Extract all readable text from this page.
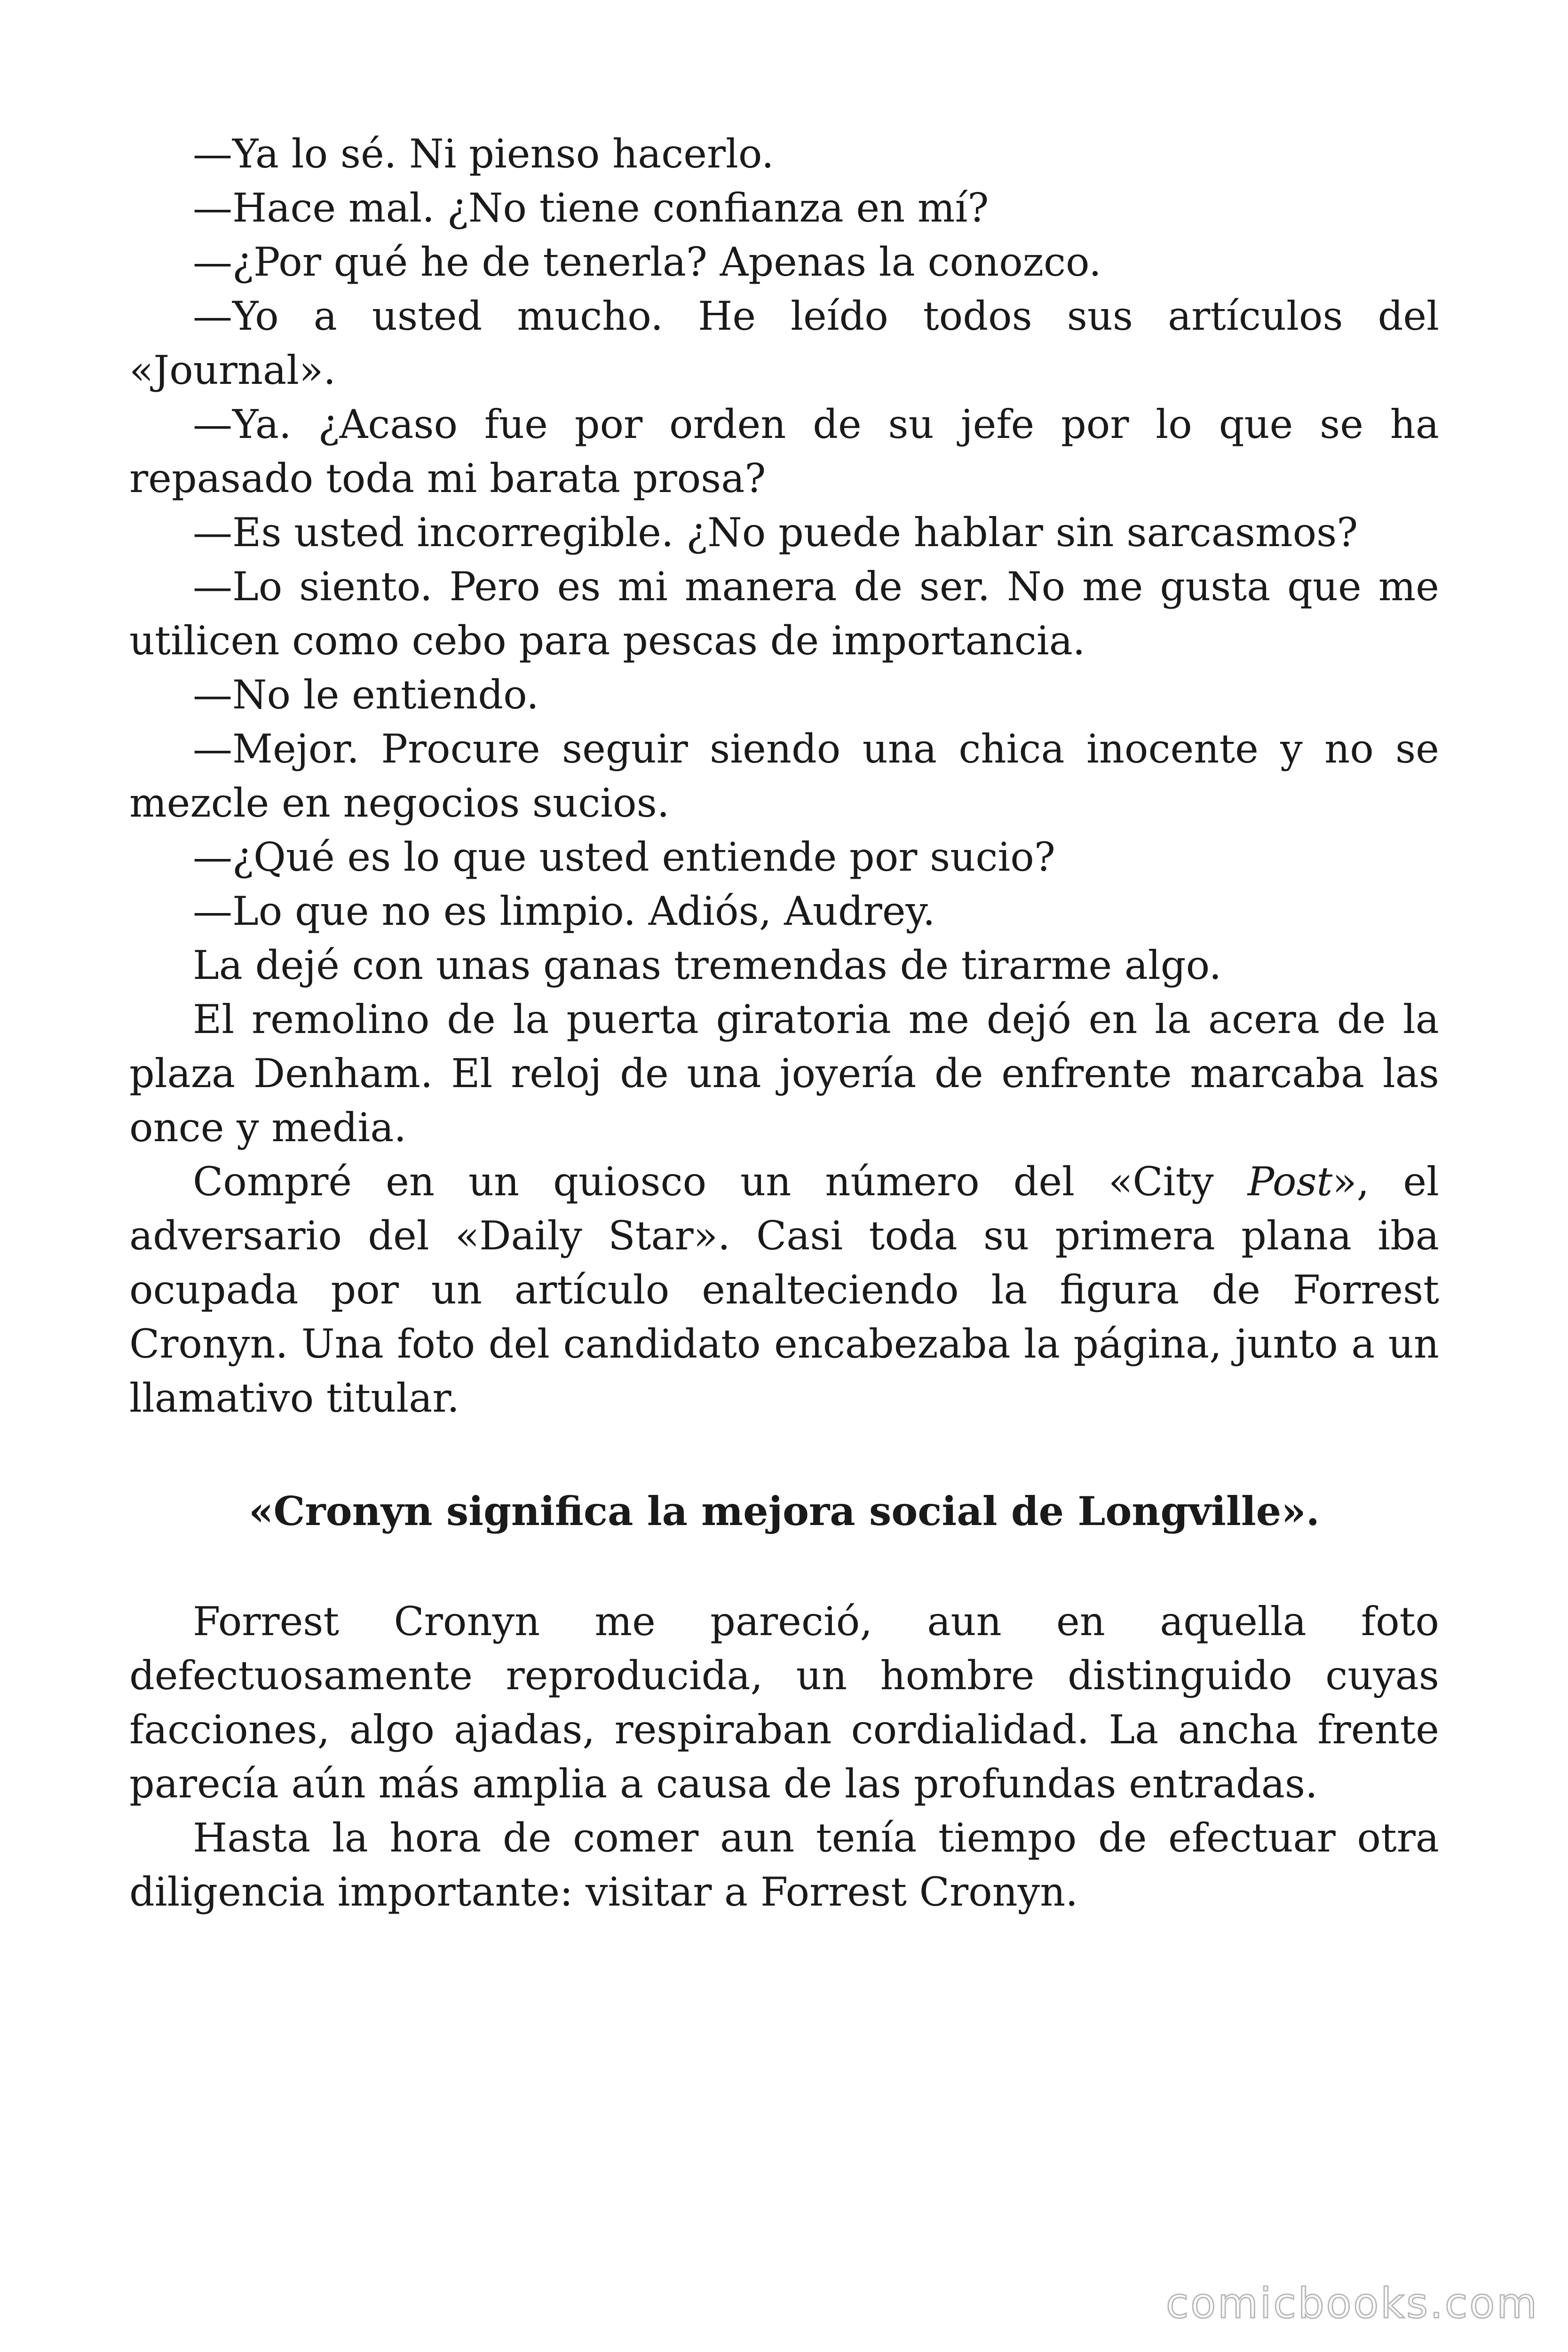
—Ya lo sé. Ni pienso hacerlo.

—Hace mal. ¿No tiene confianza en mí?

—¿Por qué he de tenerla? Apenas la conozco.

—Yo a usted mucho. He leído todos sus artículos del «Journal».

—Ya. ¿Acaso fue por orden de su jefe por lo que se ha repasado toda mi barata prosa?

—Es usted incorregible. ¿No puede hablar sin sarcasmos?

—Lo siento. Pero es mi manera de ser. No me gusta que me utilicen como cebo para pescas de importancia.

—No le entiendo.

—Mejor. Procure seguir siendo una chica inocente y no se mezcle en negocios sucios.

—¿Qué es lo que usted entiende por sucio?

—Lo que no es limpio. Adiós, Audrey.

La dejé con unas ganas tremendas de tirarme algo.

El remolino de la puerta giratoria me dejó en la acera de la plaza Denham. El reloj de una joyería de enfrente marcaba las once y media.

Compré en un quiosco un número del «City Post», el adversario del «Daily Star». Casi toda su primera plana iba ocupada por un artículo enalteciendo la figura de Forrest Cronyn. Una foto del candidato encabezaba la página, junto a un llamativo titular.

«Cronyn significa la mejora social de Longville».

Forrest Cronyn me pareció, aun en aquella foto defectuosamente reproducida, un hombre distinguido cuyas facciones, algo ajadas, respiraban cordialidad. La ancha frente parecía aún más amplia a causa de las profundas entradas.

Hasta la hora de comer aun tenía tiempo de efectuar otra diligencia importante: visitar a Forrest Cronyn.

comicbooks.com
